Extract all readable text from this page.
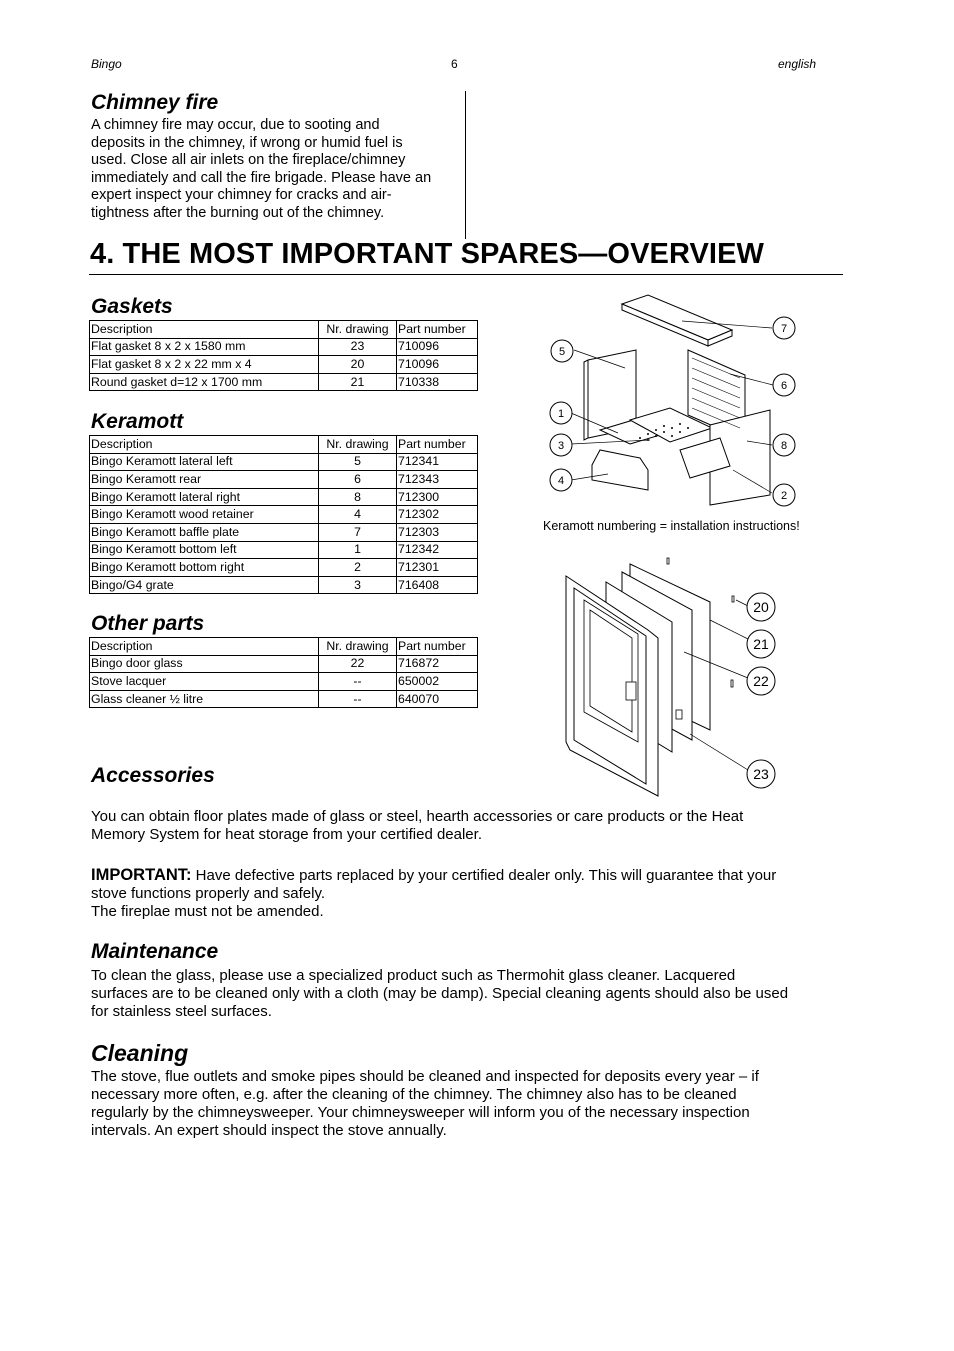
Bingo	6	english
Chimney fire
A chimney fire may occur, due to sooting and
deposits in the chimney, if wrong or humid fuel is
used. Close all air inlets on the fireplace/chimney
immediately and call the fire brigade. Please have an
expert inspect your chimney for cracks and air-
tightness after the burning out of the chimney.
4. THE MOST IMPORTANT SPARES—OVERVIEW
Gaskets
Description	Nr. drawing	Part number
Flat gasket 8 x 2 x 1580 mm	23	710096
Flat gasket 8 x 2 x 22 mm x 4	20	710096
Round gasket d=12 x 1700 mm	21	710338
Keramott
Description	Nr. drawing	Part number
Bingo Keramott lateral left	5	712341
Bingo Keramott rear	6	712343
Bingo Keramott lateral right	8	712300
Bingo Keramott wood retainer	4	712302
Bingo Keramott baffle plate	7	712303
Bingo Keramott bottom left	1	712342
Bingo Keramott bottom right	2	712301
Bingo/G4 grate	3	716408
Other parts
Description	Nr. drawing	Part number
Bingo door glass	22	716872
Stove lacquer	--	650002
Glass cleaner ½ litre	--	640070
7
5
6
1
3	8
4
2
Keramott numbering = installation instructions!
20
21
22
23
Accessories
You can obtain floor plates made of glass or steel, hearth accessories or care products or the Heat
Memory System for heat storage from your certified dealer.
IMPORTANT: Have defective parts replaced by your certified dealer only. This will guarantee that your
stove functions properly and safely.
The fireplae must not be amended.
Maintenance
To clean the glass, please use a specialized product such as Thermohit glass cleaner. Lacquered
surfaces are to be cleaned only with a cloth (may be damp). Special cleaning agents should also be used
for stainless steel surfaces.
Cleaning
The stove, flue outlets and smoke pipes should be cleaned and inspected for deposits every year – if
necessary more often, e.g. after the cleaning of the chimney. The chimney also has to be cleaned
regularly by the chimneysweeper. Your chimneysweeper will inform you of the necessary inspection
intervals. An expert should inspect the stove annually.
